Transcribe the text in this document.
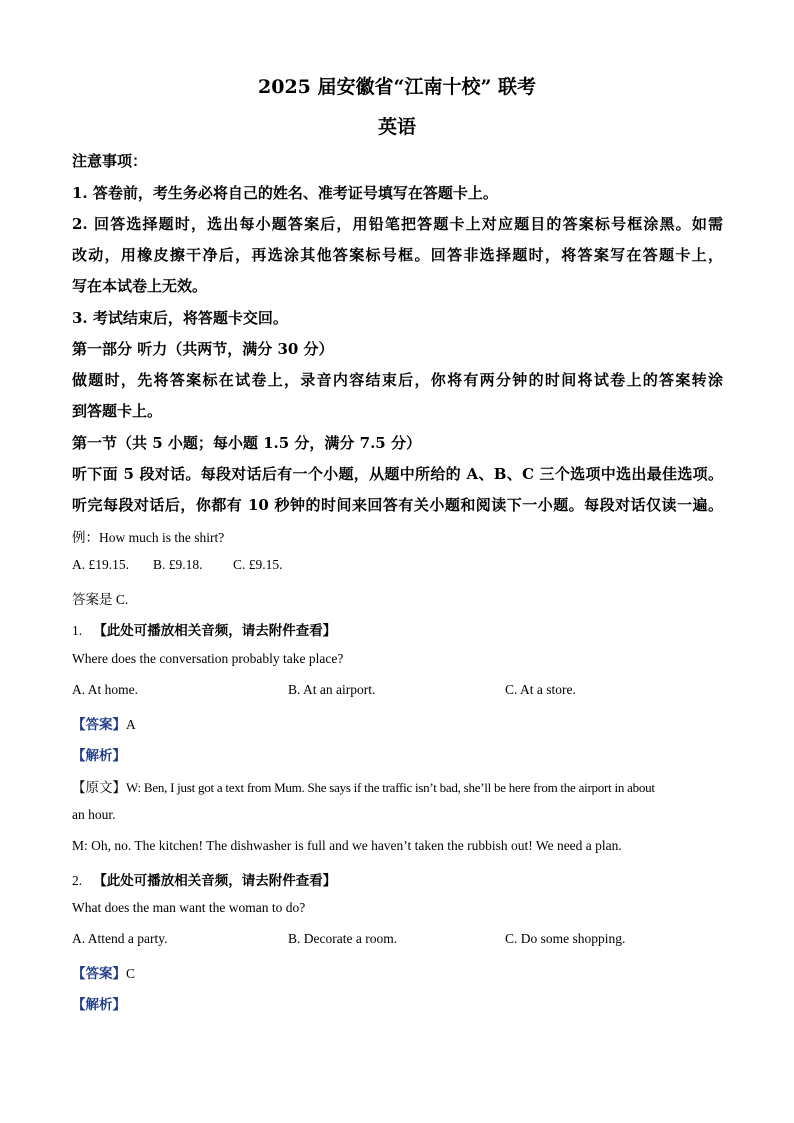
2025 届安徽省“江南十校” 联考
英语
注意事项：
1. 答卷前，考生务必将自己的姓名、准考证号填写在答题卡上。
2. 回答选择题时，选出每小题答案后，用铅笔把答题卡上对应题目的答案标号框涂黑。如需
改动，用橡皮擦干净后，再选涂其他答案标号框。回答非选择题时，将答案写在答题卡上，
写在本试卷上无效。
3. 考试结束后，将答题卡交回。
第一部分 听力（共两节，满分 30 分）
做题时，先将答案标在试卷上，录音内容结束后，你将有两分钟的时间将试卷上的答案转涂
到答题卡上。
第一节（共 5 小题；每小题 1.5 分，满分 7.5 分）
听下面 5 段对话。每段对话后有一个小题，从题中所给的 A、B、C 三个选项中选出最佳选项。
听完每段对话后，你都有 10 秒钟的时间来回答有关小题和阅读下一小题。每段对话仅读一遍。
例：How much is the shirt?
A. £19.15. B. £9.18. C. £9.15.
答案是 C.
1. 【此处可播放相关音频，请去附件查看】
Where does the conversation probably take place?
A. At home.	B. At an airport.	C. At a store.
【答案】A
【解析】
【原文】W: Ben, I just got a text from Mum. She says if the traffic isn’t bad, she’ll be here from the airport in about
an hour.
M: Oh, no. The kitchen! The dishwasher is full and we haven’t taken the rubbish out! We need a plan.
2. 【此处可播放相关音频，请去附件查看】
What does the man want the woman to do?
A. Attend a party.	B. Decorate a room.	C. Do some shopping.
【答案】C
【解析】
